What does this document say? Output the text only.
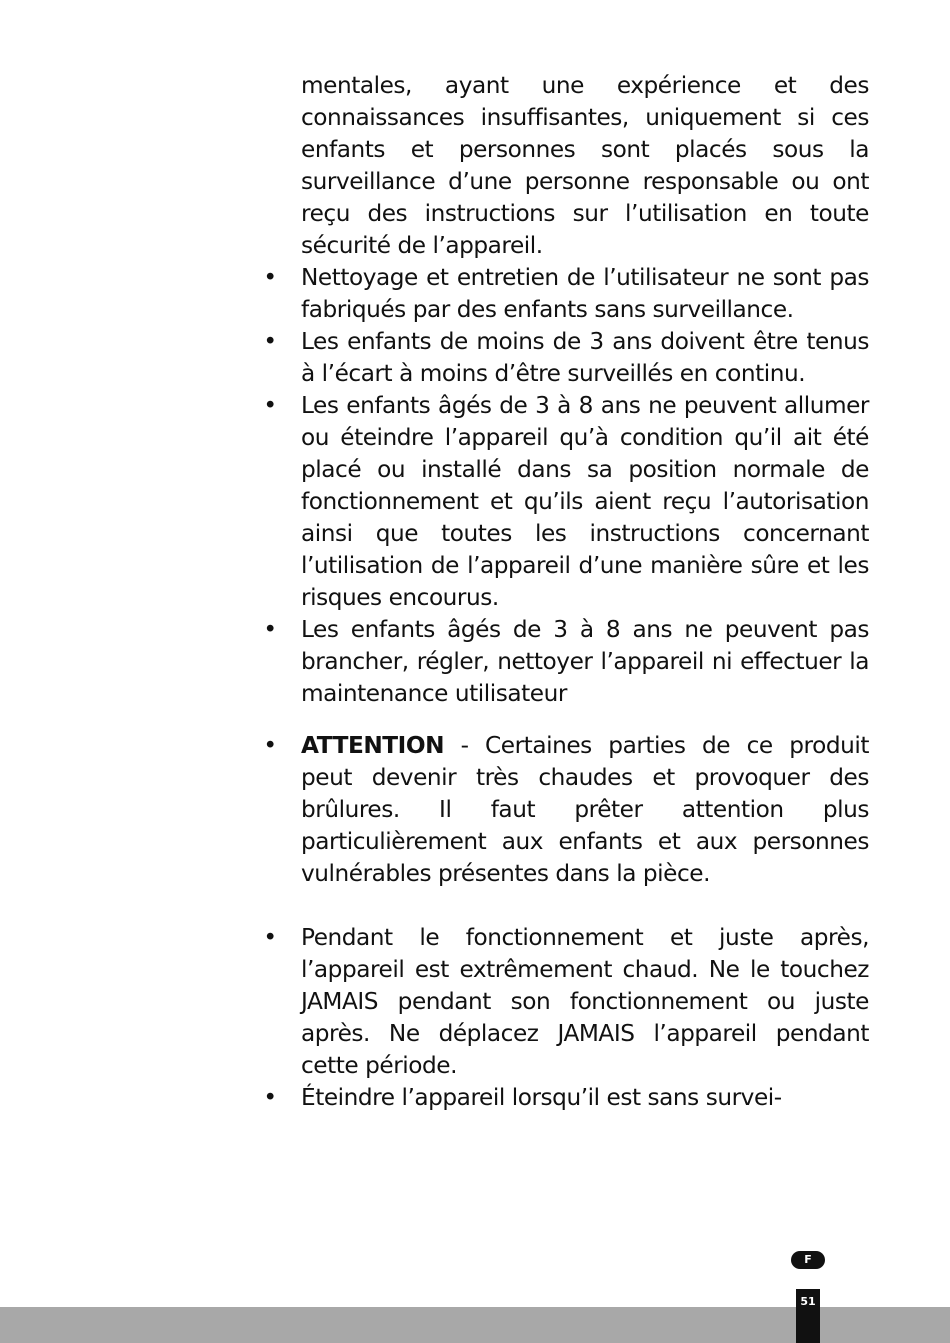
mentales, ayant une expérience et des connaissances insuffisantes, uniquement si ces enfants et personnes sont placés sous la surveillance d’une personne responsable ou ont reçu des instructions sur l’utilisation en toute sécurité de l’appareil.

• Nettoyage et entretien de l’utilisateur ne sont pas fabriqués par des enfants sans surveillance.

• Les enfants de moins de 3 ans doivent être tenus à l’écart à moins d’être surveillés en continu.

• Les enfants âgés de 3 à 8 ans ne peuvent allumer ou éteindre l’appareil qu’à condition qu’il ait été placé ou installé dans sa position normale de fonctionnement et qu’ils aient reçu l’autorisation ainsi que toutes les instructions concernant l’utilisation de l’appareil d’une manière sûre et les risques encourus.

• Les enfants âgés de 3 à 8 ans ne peuvent pas brancher, régler, nettoyer l’appareil ni effectuer la maintenance utilisateur

• ATTENTION - Certaines parties de ce produit peut devenir très chaudes et provoquer des brûlures. Il faut prêter attention plus particulièrement aux enfants et aux personnes vulnérables présentes dans la pièce.

• Pendant le fonctionnement et juste après, l’appareil est extrêmement chaud. Ne le touchez JAMAIS pendant son fonctionnement ou juste après. Ne déplacez JAMAIS l’appareil pendant cette période.

• Éteindre l’appareil lorsqu’il est sans survei-

F
51
